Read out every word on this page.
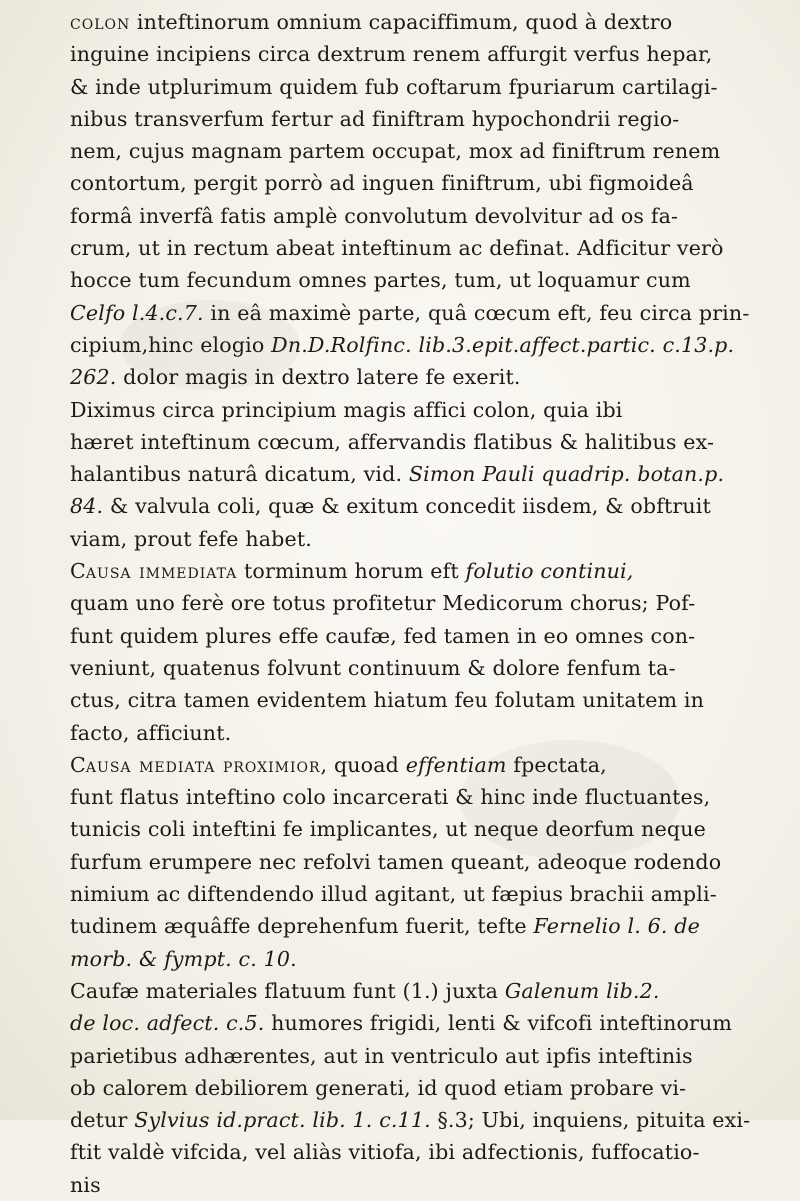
colon inteftinorum omnium capaciffimum, quod à dextro
inguine incipiens circa dextrum renem affurgit verfus hepar,
& inde utplurimum quidem fub coftarum fpuriarum cartilagi-
nibus transverfum fertur ad finiftram hypochondrii regio-
nem, cujus magnam partem occupat, mox ad finiftrum renem
contortum, pergit porrò ad inguen finiftrum, ubi figmoideâ
formâ inverfâ fatis amplè convolutum devolvitur ad os fa-
crum, ut in rectum abeat inteftinum ac definat. Adficitur verò
hocce tum fecundum omnes partes, tum, ut loquamur cum
Celfo l.4.c.7. in eâ maximè parte, quâ cœcum eft, feu circa prin-
cipium,hinc elogio Dn.D.Rolfinc. lib.3.epit.affect.partic. c.13.p.
262. dolor magis in dextro latere fe exerit.
Diximus circa principium magis affici colon, quia ibi
hæret inteftinum cœcum, affervandis flatibus & halitibus ex-
halantibus naturâ dicatum, vid. Simon Pauli quadrip. botan.p.
84. & valvula coli, quæ & exitum concedit iisdem, & obftruit
viam, prout fefe habet.
Causa immediata torminum horum eft folutio continui,
quam uno ferè ore totus profitetur Medicorum chorus; Pof-
funt quidem plures effe caufæ, fed tamen in eo omnes con-
veniunt, quatenus folvunt continuum & dolore fenfum ta-
ctus, citra tamen evidentem hiatum feu folutam unitatem in
facto, afficiunt.
Causa mediata proximior, quoad effentiam fpectata,
funt flatus inteftino colo incarcerati & hinc inde fluctuantes,
tunicis coli inteftini fe implicantes, ut neque deorfum neque
furfum erumpere nec refolvi tamen queant, adeoque rodendo
nimium ac diftendendo illud agitant, ut fæpius brachii ampli-
tudinem æquâffe deprehenfum fuerit, tefte Fernelio l. 6. de
morb. & fympt. c. 10.
Caufæ materiales flatuum funt (1.) juxta Galenum lib.2.
de loc. adfect. c.5. humores frigidi, lenti & vifcofi inteftinorum
parietibus adhærentes, aut in ventriculo aut ipfis inteftinis
ob calorem debiliorem generati, id quod etiam probare vi-
detur Sylvius id.pract. lib. 1. c.11. §.3; Ubi, inquiens, pituita exi-
ftit valdè vifcida, vel aliàs vitiofa, ibi adfectionis, fuffocatio-
nis
